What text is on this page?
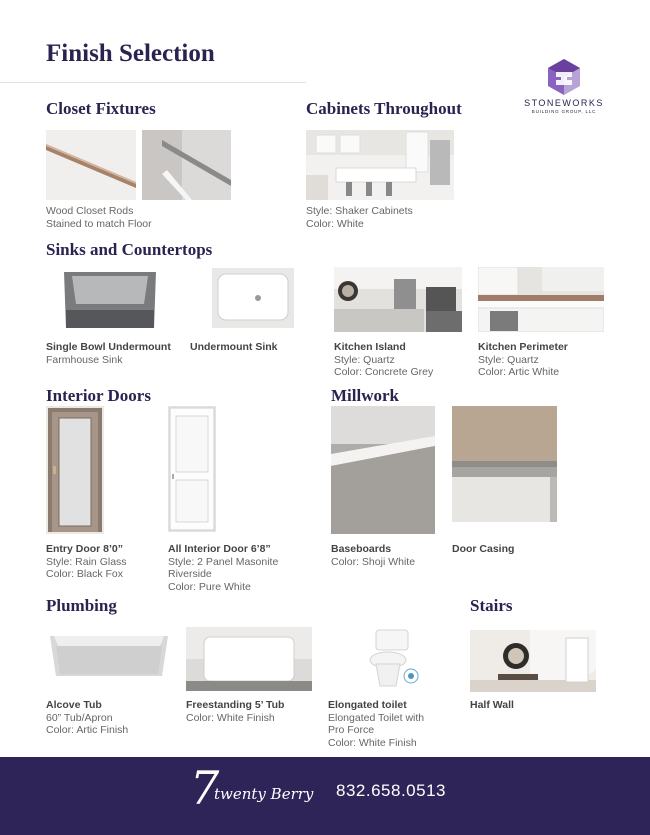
Finish Selection
STONEWORKS
BUILDING GROUP, LLC
Closet Fixtures
Wood Closet Rods
Stained to match Floor
Cabinets Throughout
Style: Shaker Cabinets
Color: White
Sinks and Countertops
Single Bowl Undermount
Farmhouse Sink
Undermount Sink	Kitchen Island
Style: Quartz
Color: Concrete Grey
Kitchen Perimeter
Style: Quartz
Color: Artic White
Interior Doors
Entry Door 8’0”
Style: Rain Glass
Color: Black Fox
All Interior Door 6’8”
Style: 2 Panel Masonite
Riverside
Color: Pure White
Millwork
Baseboards
Color: Shoji White
Door Casing
Plumbing
Alcove Tub
60” Tub/Apron
Color: Artic Finish
Freestanding 5’ Tub
Color: White Finish
Elongated toilet
Elongated Toilet with
Pro Force
Color: White Finish
Stairs
Half Wall
7
twenty Berry 832.658.0513
